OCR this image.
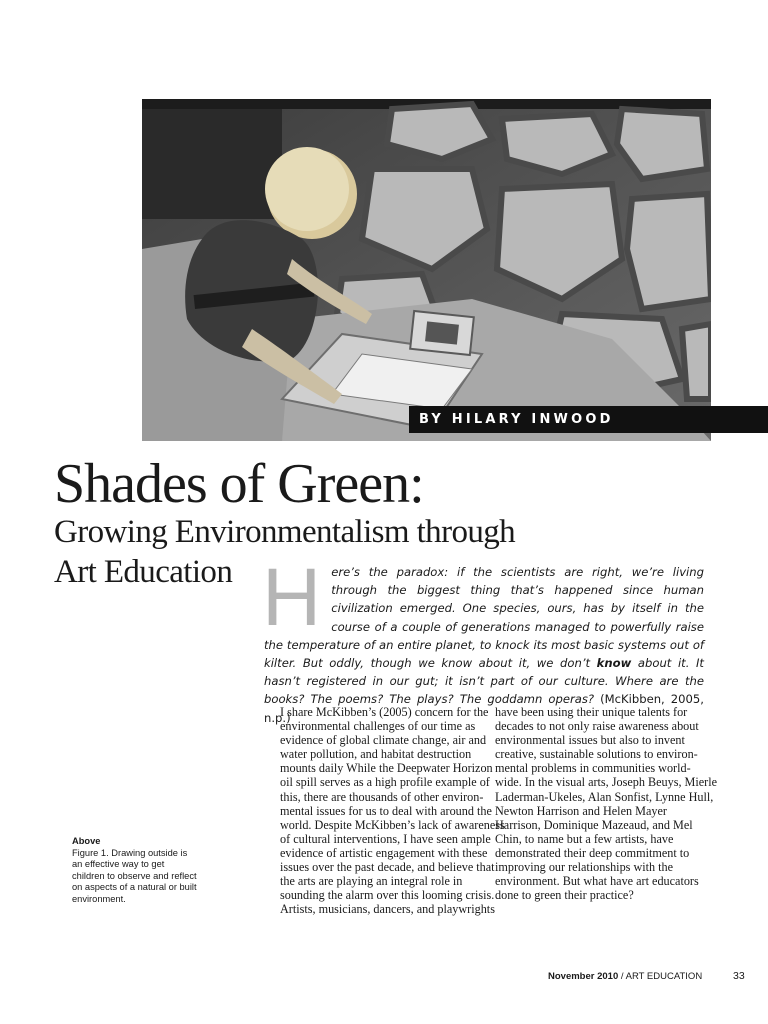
BY HILARY INWOOD
Shades of Green:
Growing Environmentalism through
Art Education Here’s the paradox: if the scientists are right, we’re living through the biggest thing that’s happened since human civilization emerged. One species, ours, has by itself in the course of a couple of generations managed to powerfully raise the temperature of an entire planet, to knock its most basic systems out of kilter. But oddly, though we know about it, we don’t know about it. It hasn’t registered in our gut; it isn’t part of our culture. Where are the books? The poems? The plays? The goddamn operas? (McKibben, 2005, n.p.)

I share McKibben’s (2005) concern for the
environmental challenges of our time as
evidence of global climate change, air and
water pollution, and habitat destruction
mounts daily While the Deepwater Horizon
oil spill serves as a high profile example of
this, there are thousands of other environ-
mental issues for us to deal with around the
world. Despite McKibben’s lack of awareness
of cultural interventions, I have seen ample
evidence of artistic engagement with these
issues over the past decade, and believe that
the arts are playing an integral role in
sounding the alarm over this looming crisis.
Artists, musicians, dancers, and playwrights

have been using their unique talents for
decades to not only raise awareness about
environmental issues but also to invent
creative, sustainable solutions to environ-
mental problems in communities world-
wide. In the visual arts, Joseph Beuys, Mierle
Laderman-Ukeles, Alan Sonfist, Lynne Hull,
Newton Harrison and Helen Mayer
Harrison, Dominique Mazeaud, and Mel
Chin, to name but a few artists, have
demonstrated their deep commitment to
improving our relationships with the
environment. But what have art educators
done to green their practice?

Above
Figure 1. Drawing outside is
an effective way to get
children to observe and reflect
on aspects of a natural or built
environment.
November 2010 / ART EDUCATION	33
